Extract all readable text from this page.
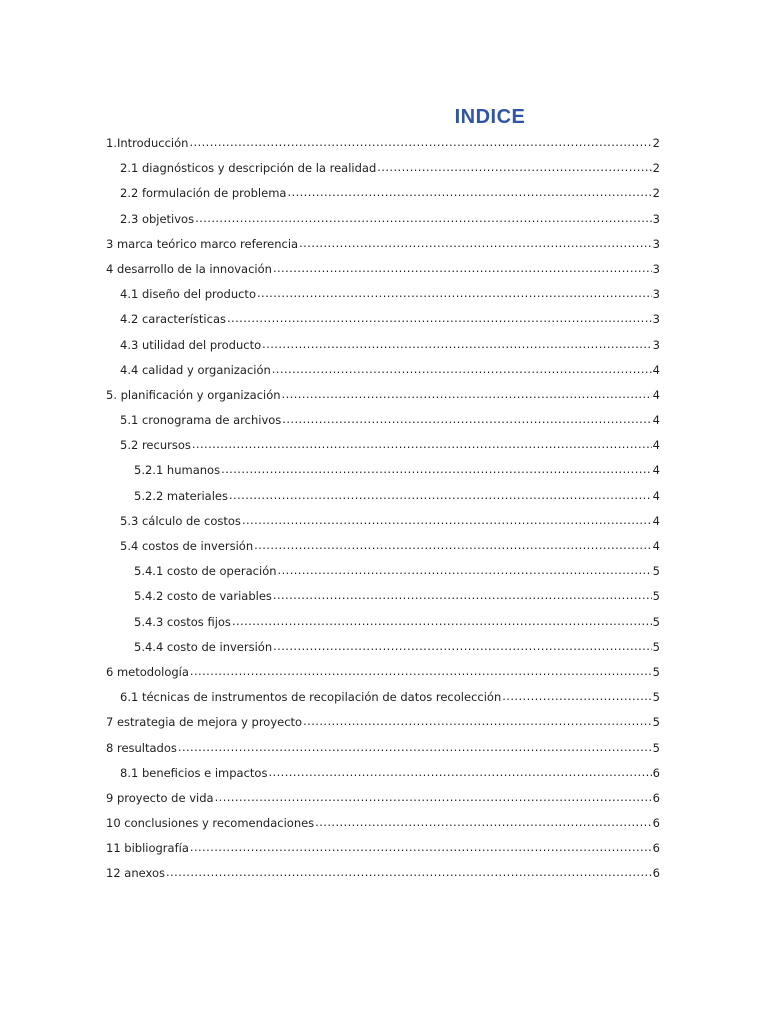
INDICE
1.Introducción .....	2
2.1 diagnósticos y descripción de la realidad .....	2
2.2 formulación de problema .....	2
2.3 objetivos .....	3
3 marca teórico marco referencia .....	3
4 desarrollo de la innovación .....	3
4.1 diseño del producto .....	3
4.2 características .....	3
4.3 utilidad del producto .....	3
4.4 calidad y organización .....	4
5. planificación y organización .....	4
5.1 cronograma de archivos .....	4
5.2 recursos .....	4
5.2.1 humanos .....	4
5.2.2 materiales .....	4
5.3 cálculo de costos .....	4
5.4 costos de inversión .....	4
5.4.1 costo de operación .....	5
5.4.2 costo de variables .....	5
5.4.3 costos fijos .....	5
5.4.4 costo de inversión .....	5
6 metodología .....	5
6.1 técnicas de instrumentos de recopilación de datos recolección .....	5
7 estrategia de mejora y proyecto .....	5
8 resultados .....	5
8.1 beneficios e impactos .....	6
9 proyecto de vida .....	6
10 conclusiones y recomendaciones .....	6
11 bibliografía .....	6
12 anexos .....	6
